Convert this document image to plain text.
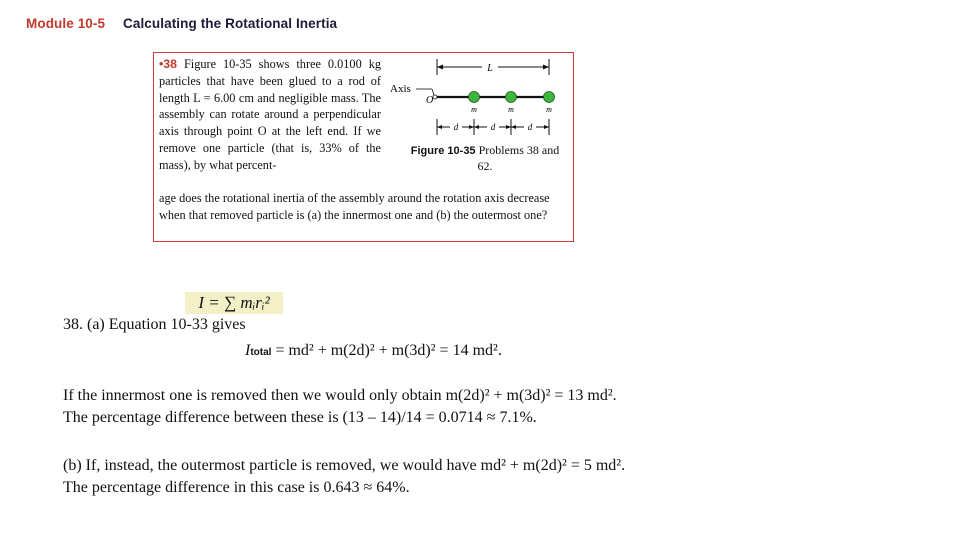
Module 10-5 Calculating the Rotational Inertia
•38 Figure 10-35 shows three 0.0100 kg particles that have been glued to a rod of length L = 6.00 cm and negligible mass. The assembly can rotate around a perpendicular axis through point O at the left end. If we remove one particle (that is, 33% of the mass), by what percent-
age does the rotational inertia of the assembly around the rotation axis decrease when that removed particle is (a) the innermost one and (b) the outermost one?
L
Axis
O
m	m	m
d	d	d
Figure 10-35 Problems 38 and 62.
I = ∑ mᵢrᵢ²
38. (a) Equation 10-33 gives
Itotal = md² + m(2d)² + m(3d)² = 14 md².
If the innermost one is removed then we would only obtain m(2d)² + m(3d)² = 13 md².
The percentage difference between these is (13 – 14)/14 = 0.0714 ≈ 7.1%.
(b) If, instead, the outermost particle is removed, we would have md² + m(2d)² = 5 md².
The percentage difference in this case is 0.643 ≈ 64%.
